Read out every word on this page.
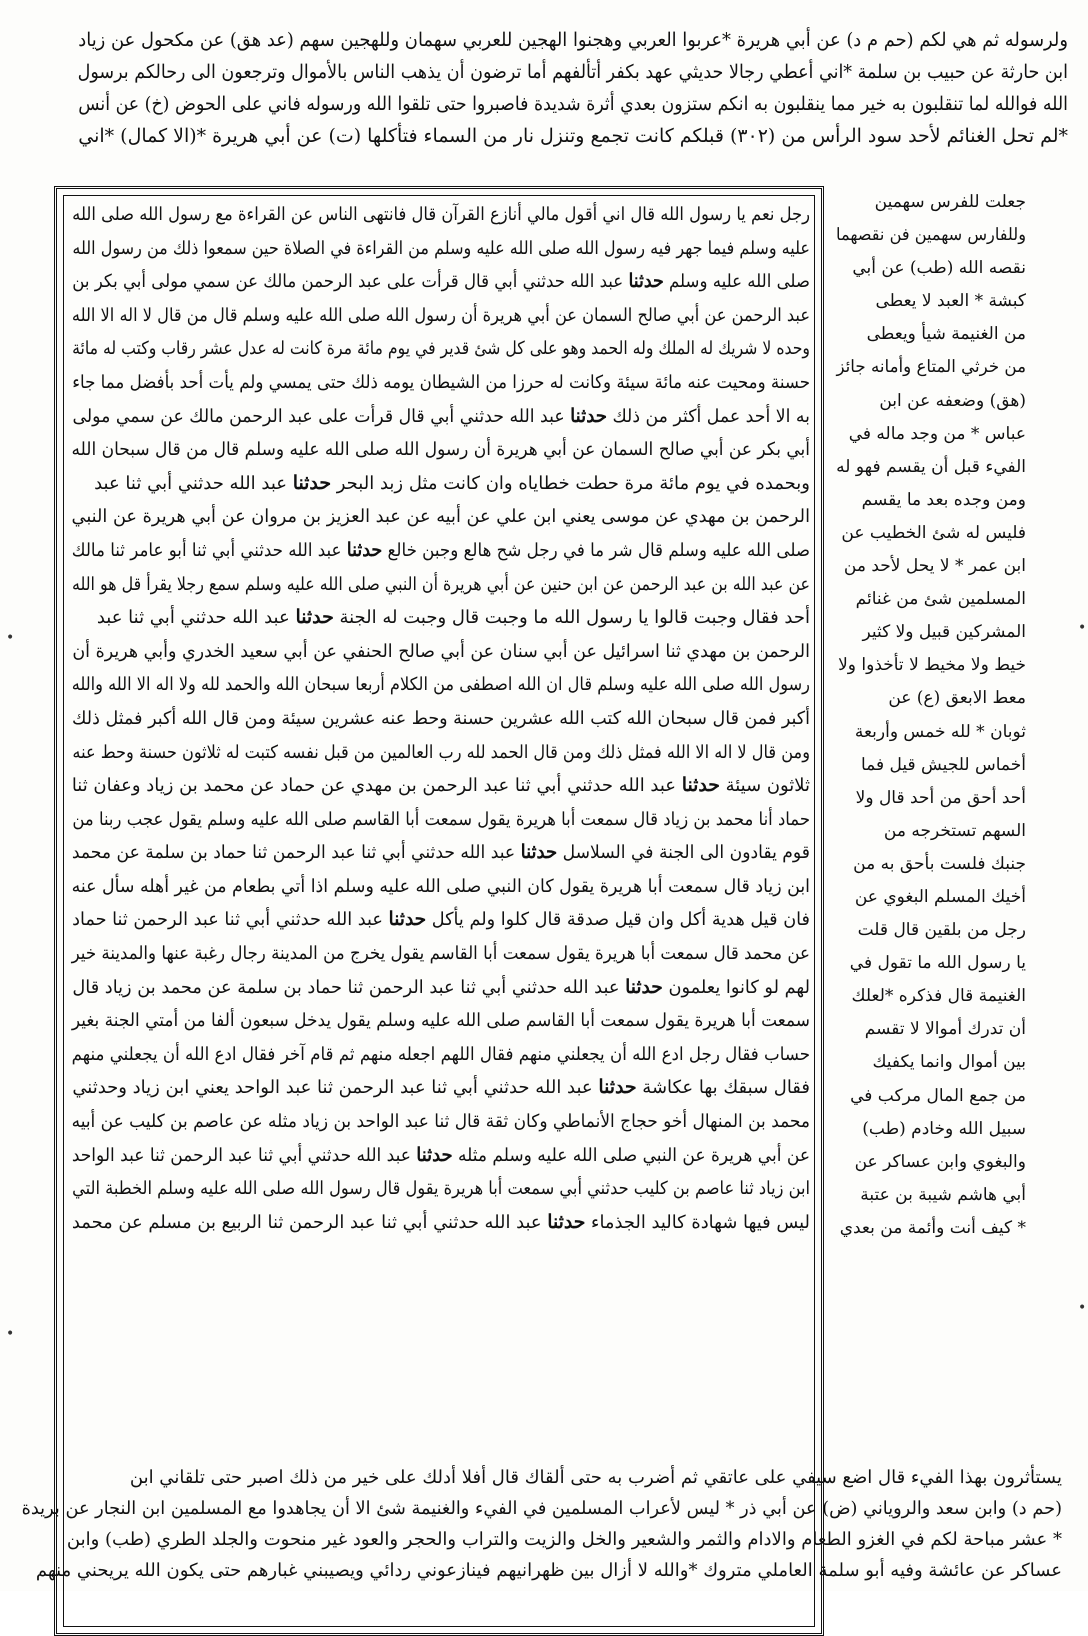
ولرسوله ثم هي لكم (حم م د) عن أبي هريرة *عربوا العربي وهجنوا الهجين للعربي سهمان وللهجين سهم (عد هق) عن مكحول عن زياد
ابن حارثة عن حبيب بن سلمة *اني أعطي رجالا حديثي عهد بكفر أتألفهم أما ترضون أن يذهب الناس بالأموال وترجعون الى رحالكم برسول
الله فوالله لما تنقلبون به خير مما ينقلبون به انكم ستزون بعدي أثرة شديدة فاصبروا حتى تلقوا الله ورسوله فاني على الحوض (خ) عن أنس
*لم تحل الغنائم لأحد سود الرأس من (٣٠٢) قبلكم كانت تجمع وتنزل نار من السماء فتأكلها (ت) عن أبي هريرة *(الا كمال) *اني
رجل نعم يا رسول الله قال اني أقول مالي أنازع القرآن قال فانتهى الناس عن القراءة مع رسول الله صلى الله
عليه وسلم فيما جهر فيه رسول الله صلى الله عليه وسلم من القراءة في الصلاة حين سمعوا ذلك من رسول الله
صلى الله عليه وسلم حدثنا عبد الله حدثني أبي قال قرأت على عبد الرحمن مالك عن سمي مولى أبي بكر بن
عبد الرحمن عن أبي صالح السمان عن أبي هريرة أن رسول الله صلى الله عليه وسلم قال من قال لا اله الا الله
وحده لا شريك له الملك وله الحمد وهو على كل شئ قدير في يوم مائة مرة كانت له عدل عشر رقاب وكتب له مائة
حسنة ومحيت عنه مائة سيئة وكانت له حرزا من الشيطان يومه ذلك حتى يمسي ولم يأت أحد بأفضل مما جاء
به الا أحد عمل أكثر من ذلك حدثنا عبد الله حدثني أبي قال قرأت على عبد الرحمن مالك عن سمي مولى
أبي بكر عن أبي صالح السمان عن أبي هريرة أن رسول الله صلى الله عليه وسلم قال من قال سبحان الله
وبحمده في يوم مائة مرة حطت خطاياه وان كانت مثل زبد البحر حدثنا عبد الله حدثني أبي ثنا عبد
الرحمن بن مهدي عن موسى يعني ابن علي عن أبيه عن عبد العزيز بن مروان عن أبي هريرة عن النبي
صلى الله عليه وسلم قال شر ما في رجل شح هالع وجبن خالع حدثنا عبد الله حدثني أبي ثنا أبو عامر ثنا مالك
عن عبد الله بن عبد الرحمن عن ابن حنين عن أبي هريرة أن النبي صلى الله عليه وسلم سمع رجلا يقرأ قل هو الله
أحد فقال وجبت قالوا يا رسول الله ما وجبت قال وجبت له الجنة حدثنا عبد الله حدثني أبي ثنا عبد
الرحمن بن مهدي ثنا اسرائيل عن أبي سنان عن أبي صالح الحنفي عن أبي سعيد الخدري وأبي هريرة أن
رسول الله صلى الله عليه وسلم قال ان الله اصطفى من الكلام أربعا سبحان الله والحمد لله ولا اله الا الله والله
أكبر فمن قال سبحان الله كتب الله عشرين حسنة وحط عنه عشرين سيئة ومن قال الله أكبر فمثل ذلك
ومن قال لا اله الا الله فمثل ذلك ومن قال الحمد لله رب العالمين من قبل نفسه كتبت له ثلاثون حسنة وحط عنه
ثلاثون سيئة حدثنا عبد الله حدثني أبي ثنا عبد الرحمن بن مهدي عن حماد عن محمد بن زياد وعفان ثنا
حماد أنا محمد بن زياد قال سمعت أبا هريرة يقول سمعت أبا القاسم صلى الله عليه وسلم يقول عجب ربنا من
قوم يقادون الى الجنة في السلاسل حدثنا عبد الله حدثني أبي ثنا عبد الرحمن ثنا حماد بن سلمة عن محمد
ابن زياد قال سمعت أبا هريرة يقول كان النبي صلى الله عليه وسلم اذا أتي بطعام من غير أهله سأل عنه
فان قيل هدية أكل وان قيل صدقة قال كلوا ولم يأكل حدثنا عبد الله حدثني أبي ثنا عبد الرحمن ثنا حماد
عن محمد قال سمعت أبا هريرة يقول سمعت أبا القاسم يقول يخرج من المدينة رجال رغبة عنها والمدينة خير
لهم لو كانوا يعلمون حدثنا عبد الله حدثني أبي ثنا عبد الرحمن ثنا حماد بن سلمة عن محمد بن زياد قال
سمعت أبا هريرة يقول سمعت أبا القاسم صلى الله عليه وسلم يقول يدخل سبعون ألفا من أمتي الجنة بغير
حساب فقال رجل ادع الله أن يجعلني منهم فقال اللهم اجعله منهم ثم قام آخر فقال ادع الله أن يجعلني منهم
فقال سبقك بها عكاشة حدثنا عبد الله حدثني أبي ثنا عبد الرحمن ثنا عبد الواحد يعني ابن زياد وحدثني
محمد بن المنهال أخو حجاج الأنماطي وكان ثقة قال ثنا عبد الواحد بن زياد مثله عن عاصم بن كليب عن أبيه
عن أبي هريرة عن النبي صلى الله عليه وسلم مثله حدثنا عبد الله حدثني أبي ثنا عبد الرحمن ثنا عبد الواحد
ابن زياد ثنا عاصم بن كليب حدثني أبي سمعت أبا هريرة يقول قال رسول الله صلى الله عليه وسلم الخطبة التي
ليس فيها شهادة كاليد الجذماء حدثنا عبد الله حدثني أبي ثنا عبد الرحمن ثنا الربيع بن مسلم عن محمد
جعلت للفرس سهمين
وللفارس سهمين فن نقصهما
نقصه الله (طب) عن أبي
كبشة * العبد لا يعطى
من الغنيمة شيأ ويعطى
من خرثي المتاع وأمانه جائز
(هق) وضعفه عن ابن
عباس * من وجد ماله في
الفيء قبل أن يقسم فهو له
ومن وجده بعد ما يقسم
فليس له شئ الخطيب عن
ابن عمر * لا يحل لأحد من
المسلمين شئ من غنائم
المشركين قبيل ولا كثير
خيط ولا مخيط لا تأخذوا ولا
معط الابعق (ع) عن
ثوبان * لله خمس وأربعة
أخماس للجيش قيل فما
أحد أحق من أحد قال ولا
السهم تستخرجه من
جنبك فلست بأحق به من
أخيك المسلم البغوي عن
رجل من بلقين قال قلت
يا رسول الله ما تقول في
الغنيمة قال فذكره *لعلك
أن تدرك أموالا لا تقسم
بين أموال وانما يكفيك
من جمع المال مركب في
سبيل الله وخادم (طب)
والبغوي وابن عساكر عن
أبي هاشم شيبة بن عتبة
* كيف أنت وأئمة من بعدي
يستأثرون بهذا الفيء قال اضع سيفي على عاتقي ثم أضرب به حتى ألقاك قال أفلا أدلك على خير من ذلك اصبر حتى تلقاني ابن
(حم د) وابن سعد والروياني (ض) عن أبي ذر * ليس لأعراب المسلمين في الفيء والغنيمة شئ الا أن يجاهدوا مع المسلمين ابن النجار عن بريدة
* عشر مباحة لكم في الغزو الطعام والادام والثمر والشعير والخل والزيت والتراب والحجر والعود غير منحوت والجلد الطري (طب) وابن
عساكر عن عائشة وفيه أبو سلمة العاملي متروك *والله لا أزال بين ظهرانيهم فينازعوني ردائي ويصيبني غبارهم حتى يكون الله يريحني منهم
•
•
•
•
